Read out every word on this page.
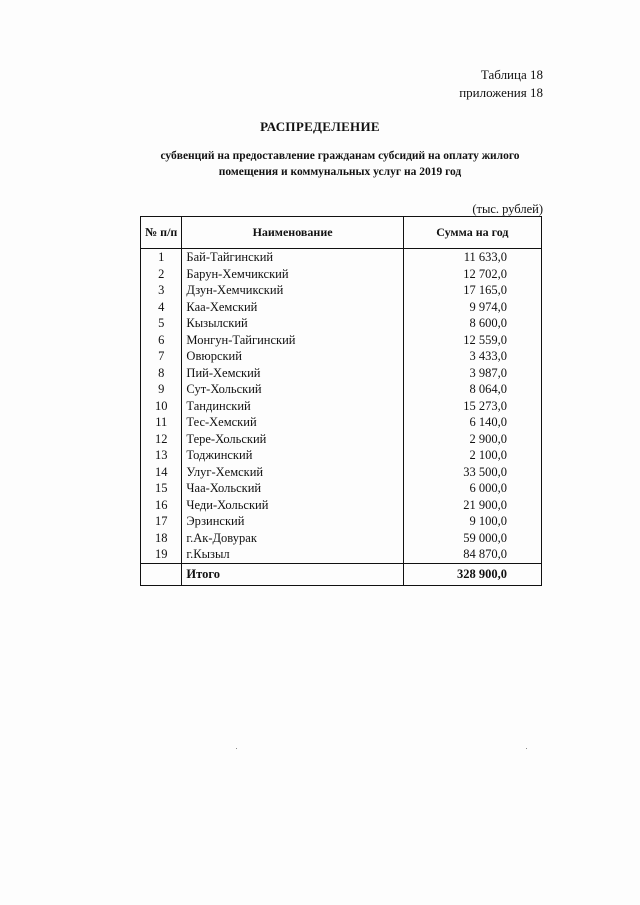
Таблица 18
приложения 18
РАСПРЕДЕЛЕНИЕ
субвенций на предоставление гражданам субсидий на оплату жилого
помещения и коммунальных услуг на 2019 год
(тыс. рублей)
№ п/п	Наименование	Сумма на год
1	Бай-Тайгинский	11 633,0
2	Барун-Хемчикский	12 702,0
3	Дзун-Хемчикский	17 165,0
4	Каа-Хемский	9 974,0
5	Кызылский	8 600,0
6	Монгун-Тайгинский	12 559,0
7	Овюрский	3 433,0
8	Пий-Хемский	3 987,0
9	Сут-Хольский	8 064,0
10	Тандинский	15 273,0
11	Тес-Хемский	6 140,0
12	Тере-Хольский	2 900,0
13	Тоджинский	2 100,0
14	Улуг-Хемский	33 500,0
15	Чаа-Хольский	6 000,0
16	Чеди-Хольский	21 900,0
17	Эрзинский	9 100,0
18	г.Ак-Довурак	59 000,0
19	г.Кызыл	84 870,0
	Итого	328 900,0
